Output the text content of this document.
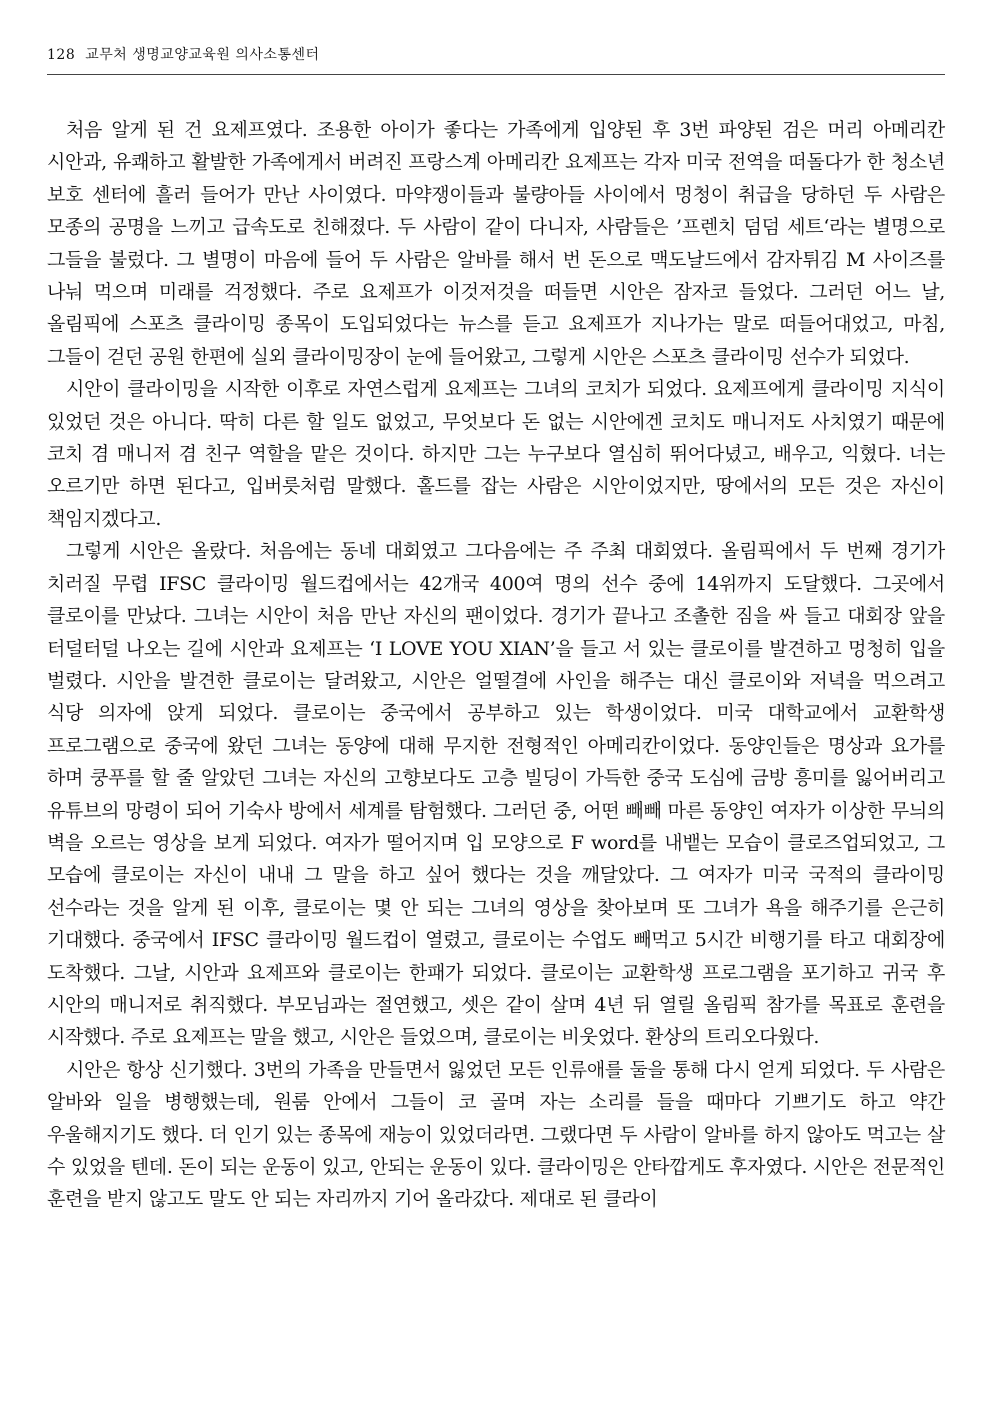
128 교무처 생명교양교육원 의사소통센터

처음 알게 된 건 요제프였다. 조용한 아이가 좋다는 가족에게 입양된 후 3번 파양된 검은 머리 아메리칸 시안과, 유쾌하고 활발한 가족에게서 버려진 프랑스계 아메리칸 요제프는 각자 미국 전역을 떠돌다가 한 청소년 보호 센터에 흘러 들어가 만난 사이였다. 마약쟁이들과 불량아들 사이에서 멍청이 취급을 당하던 두 사람은 모종의 공명을 느끼고 급속도로 친해졌다. 두 사람이 같이 다니자, 사람들은 ’프렌치 덤덤 세트‘라는 별명으로 그들을 불렀다. 그 별명이 마음에 들어 두 사람은 알바를 해서 번 돈으로 맥도날드에서 감자튀김 M 사이즈를 나눠 먹으며 미래를 걱정했다. 주로 요제프가 이것저것을 떠들면 시안은 잠자코 들었다. 그러던 어느 날, 올림픽에 스포츠 클라이밍 종목이 도입되었다는 뉴스를 듣고 요제프가 지나가는 말로 떠들어대었고, 마침, 그들이 걷던 공원 한편에 실외 클라이밍장이 눈에 들어왔고, 그렇게 시안은 스포츠 클라이밍 선수가 되었다.

시안이 클라이밍을 시작한 이후로 자연스럽게 요제프는 그녀의 코치가 되었다. 요제프에게 클라이밍 지식이 있었던 것은 아니다. 딱히 다른 할 일도 없었고, 무엇보다 돈 없는 시안에겐 코치도 매니저도 사치였기 때문에 코치 겸 매니저 겸 친구 역할을 맡은 것이다. 하지만 그는 누구보다 열심히 뛰어다녔고, 배우고, 익혔다. 너는 오르기만 하면 된다고, 입버릇처럼 말했다. 홀드를 잡는 사람은 시안이었지만, 땅에서의 모든 것은 자신이 책임지겠다고.

그렇게 시안은 올랐다. 처음에는 동네 대회였고 그다음에는 주 주최 대회였다. 올림픽에서 두 번째 경기가 치러질 무렵 IFSC 클라이밍 월드컵에서는 42개국 400여 명의 선수 중에 14위까지 도달했다. 그곳에서 클로이를 만났다. 그녀는 시안이 처음 만난 자신의 팬이었다. 경기가 끝나고 조촐한 짐을 싸 들고 대회장 앞을 터덜터덜 나오는 길에 시안과 요제프는 ‘I LOVE YOU XIAN’을 들고 서 있는 클로이를 발견하고 멍청히 입을 벌렸다. 시안을 발견한 클로이는 달려왔고, 시안은 얼떨결에 사인을 해주는 대신 클로이와 저녁을 먹으려고 식당 의자에 앉게 되었다. 클로이는 중국에서 공부하고 있는 학생이었다. 미국 대학교에서 교환학생 프로그램으로 중국에 왔던 그녀는 동양에 대해 무지한 전형적인 아메리칸이었다. 동양인들은 명상과 요가를 하며 쿵푸를 할 줄 알았던 그녀는 자신의 고향보다도 고층 빌딩이 가득한 중국 도심에 금방 흥미를 잃어버리고 유튜브의 망령이 되어 기숙사 방에서 세계를 탐험했다. 그러던 중, 어떤 빼빼 마른 동양인 여자가 이상한 무늬의 벽을 오르는 영상을 보게 되었다. 여자가 떨어지며 입 모양으로 F word를 내뱉는 모습이 클로즈업되었고, 그 모습에 클로이는 자신이 내내 그 말을 하고 싶어 했다는 것을 깨달았다. 그 여자가 미국 국적의 클라이밍 선수라는 것을 알게 된 이후, 클로이는 몇 안 되는 그녀의 영상을 찾아보며 또 그녀가 욕을 해주기를 은근히 기대했다. 중국에서 IFSC 클라이밍 월드컵이 열렸고, 클로이는 수업도 빼먹고 5시간 비행기를 타고 대회장에 도착했다. 그날, 시안과 요제프와 클로이는 한패가 되었다. 클로이는 교환학생 프로그램을 포기하고 귀국 후 시안의 매니저로 취직했다. 부모님과는 절연했고, 셋은 같이 살며 4년 뒤 열릴 올림픽 참가를 목표로 훈련을 시작했다. 주로 요제프는 말을 했고, 시안은 들었으며, 클로이는 비웃었다. 환상의 트리오다웠다.

시안은 항상 신기했다. 3번의 가족을 만들면서 잃었던 모든 인류애를 둘을 통해 다시 얻게 되었다. 두 사람은 알바와 일을 병행했는데, 원룸 안에서 그들이 코 골며 자는 소리를 들을 때마다 기쁘기도 하고 약간 우울해지기도 했다. 더 인기 있는 종목에 재능이 있었더라면. 그랬다면 두 사람이 알바를 하지 않아도 먹고는 살 수 있었을 텐데. 돈이 되는 운동이 있고, 안되는 운동이 있다. 클라이밍은 안타깝게도 후자였다. 시안은 전문적인 훈련을 받지 않고도 말도 안 되는 자리까지 기어 올라갔다. 제대로 된 클라이
